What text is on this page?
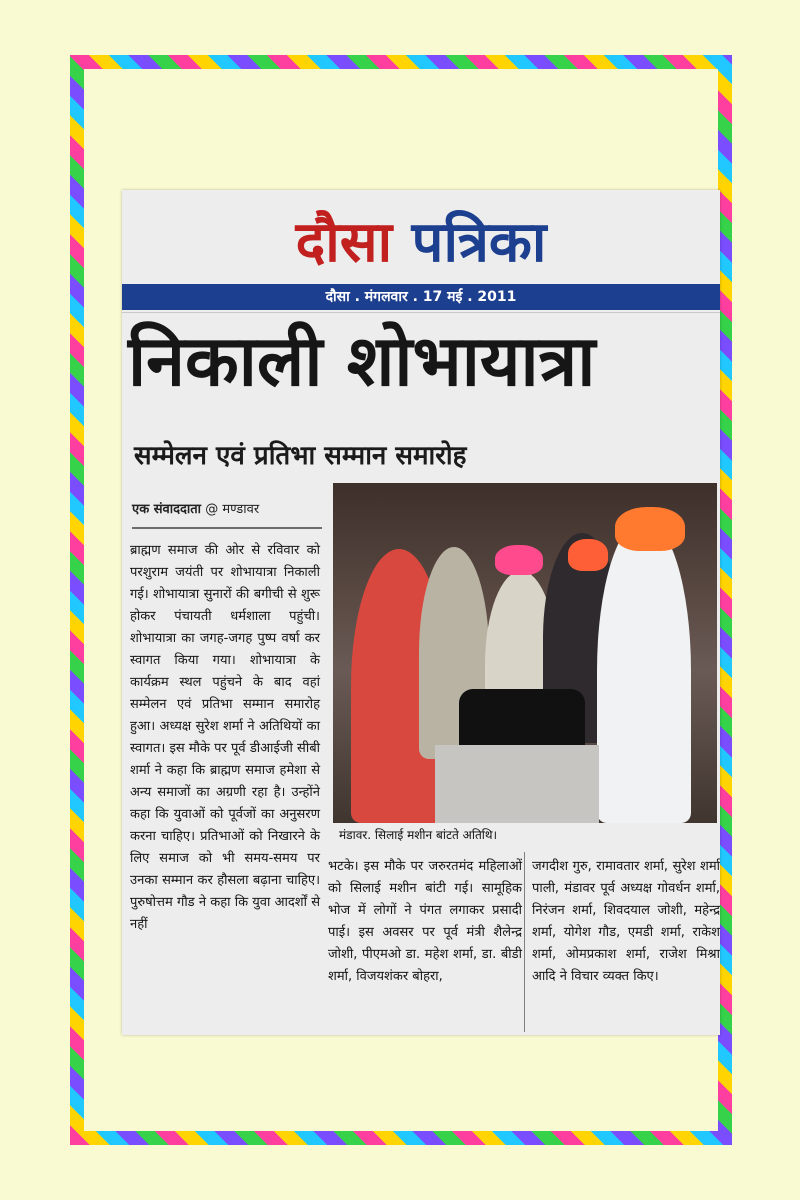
दौसा पत्रिका
दौसा . मंगलवार . 17 मई . 2011
निकाली शोभायात्रा
सम्मेलन एवं प्रतिभा सम्मान समारोह
एक संवाददाता @ मण्डावर
मंडावर. सिलाई मशीन बांटते अतिथि।
ब्राह्मण समाज की ओर से रविवार को परशुराम जयंती पर शोभायात्रा निकाली गई। शोभायात्रा सुनारों की बगीची से शुरू होकर पंचायती धर्मशाला पहुंची। शोभायात्रा का जगह-जगह पुष्प वर्षा कर स्वागत किया गया। शोभायात्रा के कार्यक्रम स्थल पहुंचने के बाद वहां सम्मेलन एवं प्रतिभा सम्मान समारोह हुआ। अध्यक्ष सुरेश शर्मा ने अतिथियों का स्वागत। इस मौके पर पूर्व डीआईजी सीबी शर्मा ने कहा कि ब्राह्मण समाज हमेशा से अन्य समाजों का अग्रणी रहा है। उन्होंने कहा कि युवाओं को पूर्वजों का अनुसरण करना चाहिए। प्रतिभाओं को निखारने के लिए समाज को भी समय-समय पर उनका सम्मान कर हौसला बढ़ाना चाहिए। पुरुषोत्तम गौड ने कहा कि युवा आदर्शों से नहीं
भटके। इस मौके पर जरुरतमंद महिलाओं को सिलाई मशीन बांटी गई। सामूहिक भोज में लोगों ने पंगत लगाकर प्रसादी पाई। इस अवसर पर पूर्व मंत्री शैलेन्द्र जोशी, पीएमओ डा. महेश शर्मा, डा. बीडी शर्मा, विजयशंकर बोहरा,
जगदीश गुरु, रामावतार शर्मा, सुरेश शर्मा पाली, मंडावर पूर्व अध्यक्ष गोवर्धन शर्मा, निरंजन शर्मा, शिवदयाल जोशी, महेन्द्र शर्मा, योगेश गौड, एमडी शर्मा, राकेश शर्मा, ओमप्रकाश शर्मा, राजेश मिश्रा आदि ने विचार व्यक्त किए।
